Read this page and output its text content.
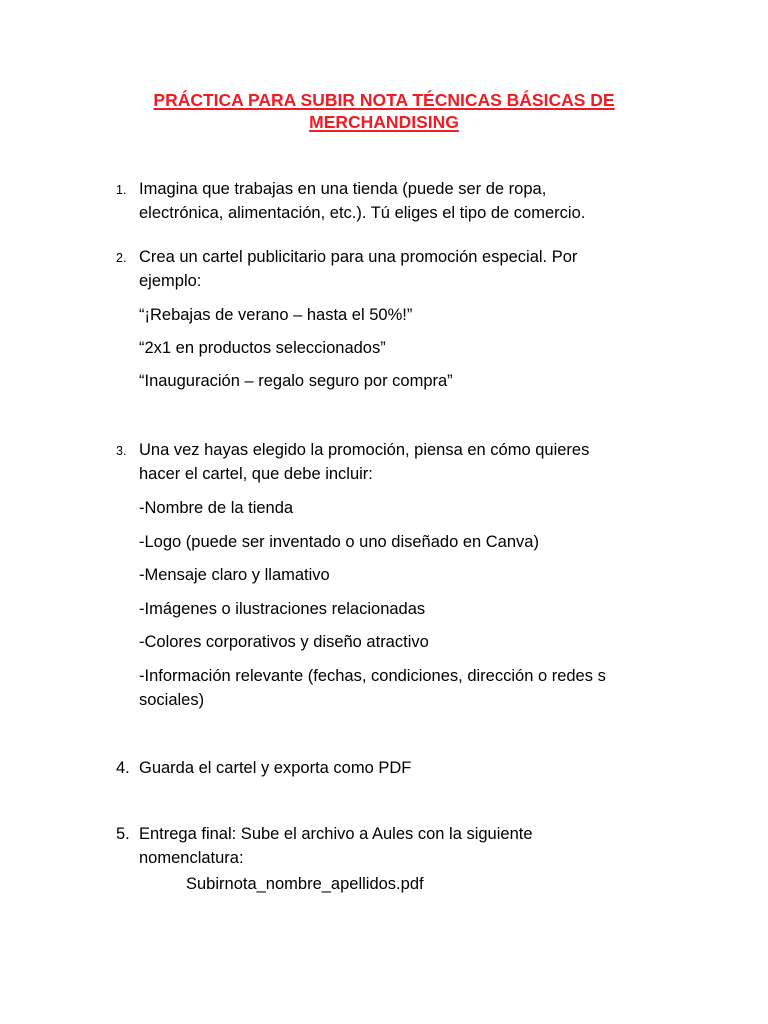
PRÁCTICA PARA SUBIR NOTA TÉCNICAS BÁSICAS DE
MERCHANDISING
1. Imagina que trabajas en una tienda (puede ser de ropa,
electrónica, alimentación, etc.). Tú eliges el tipo de comercio.
2. Crea un cartel publicitario para una promoción especial. Por
ejemplo:
“¡Rebajas de verano – hasta el 50%!”
“2x1 en productos seleccionados”
“Inauguración – regalo seguro por compra”
3. Una vez hayas elegido la promoción, piensa en cómo quieres
hacer el cartel, que debe incluir:
-Nombre de la tienda
-Logo (puede ser inventado o uno diseñado en Canva)
-Mensaje claro y llamativo
-Imágenes o ilustraciones relacionadas
-Colores corporativos y diseño atractivo
-Información relevante (fechas, condiciones, dirección o redes s
sociales)
4. Guarda el cartel y exporta como PDF
5. Entrega final: Sube el archivo a Aules con la siguiente
nomenclatura:
Subirnota_nombre_apellidos.pdf
